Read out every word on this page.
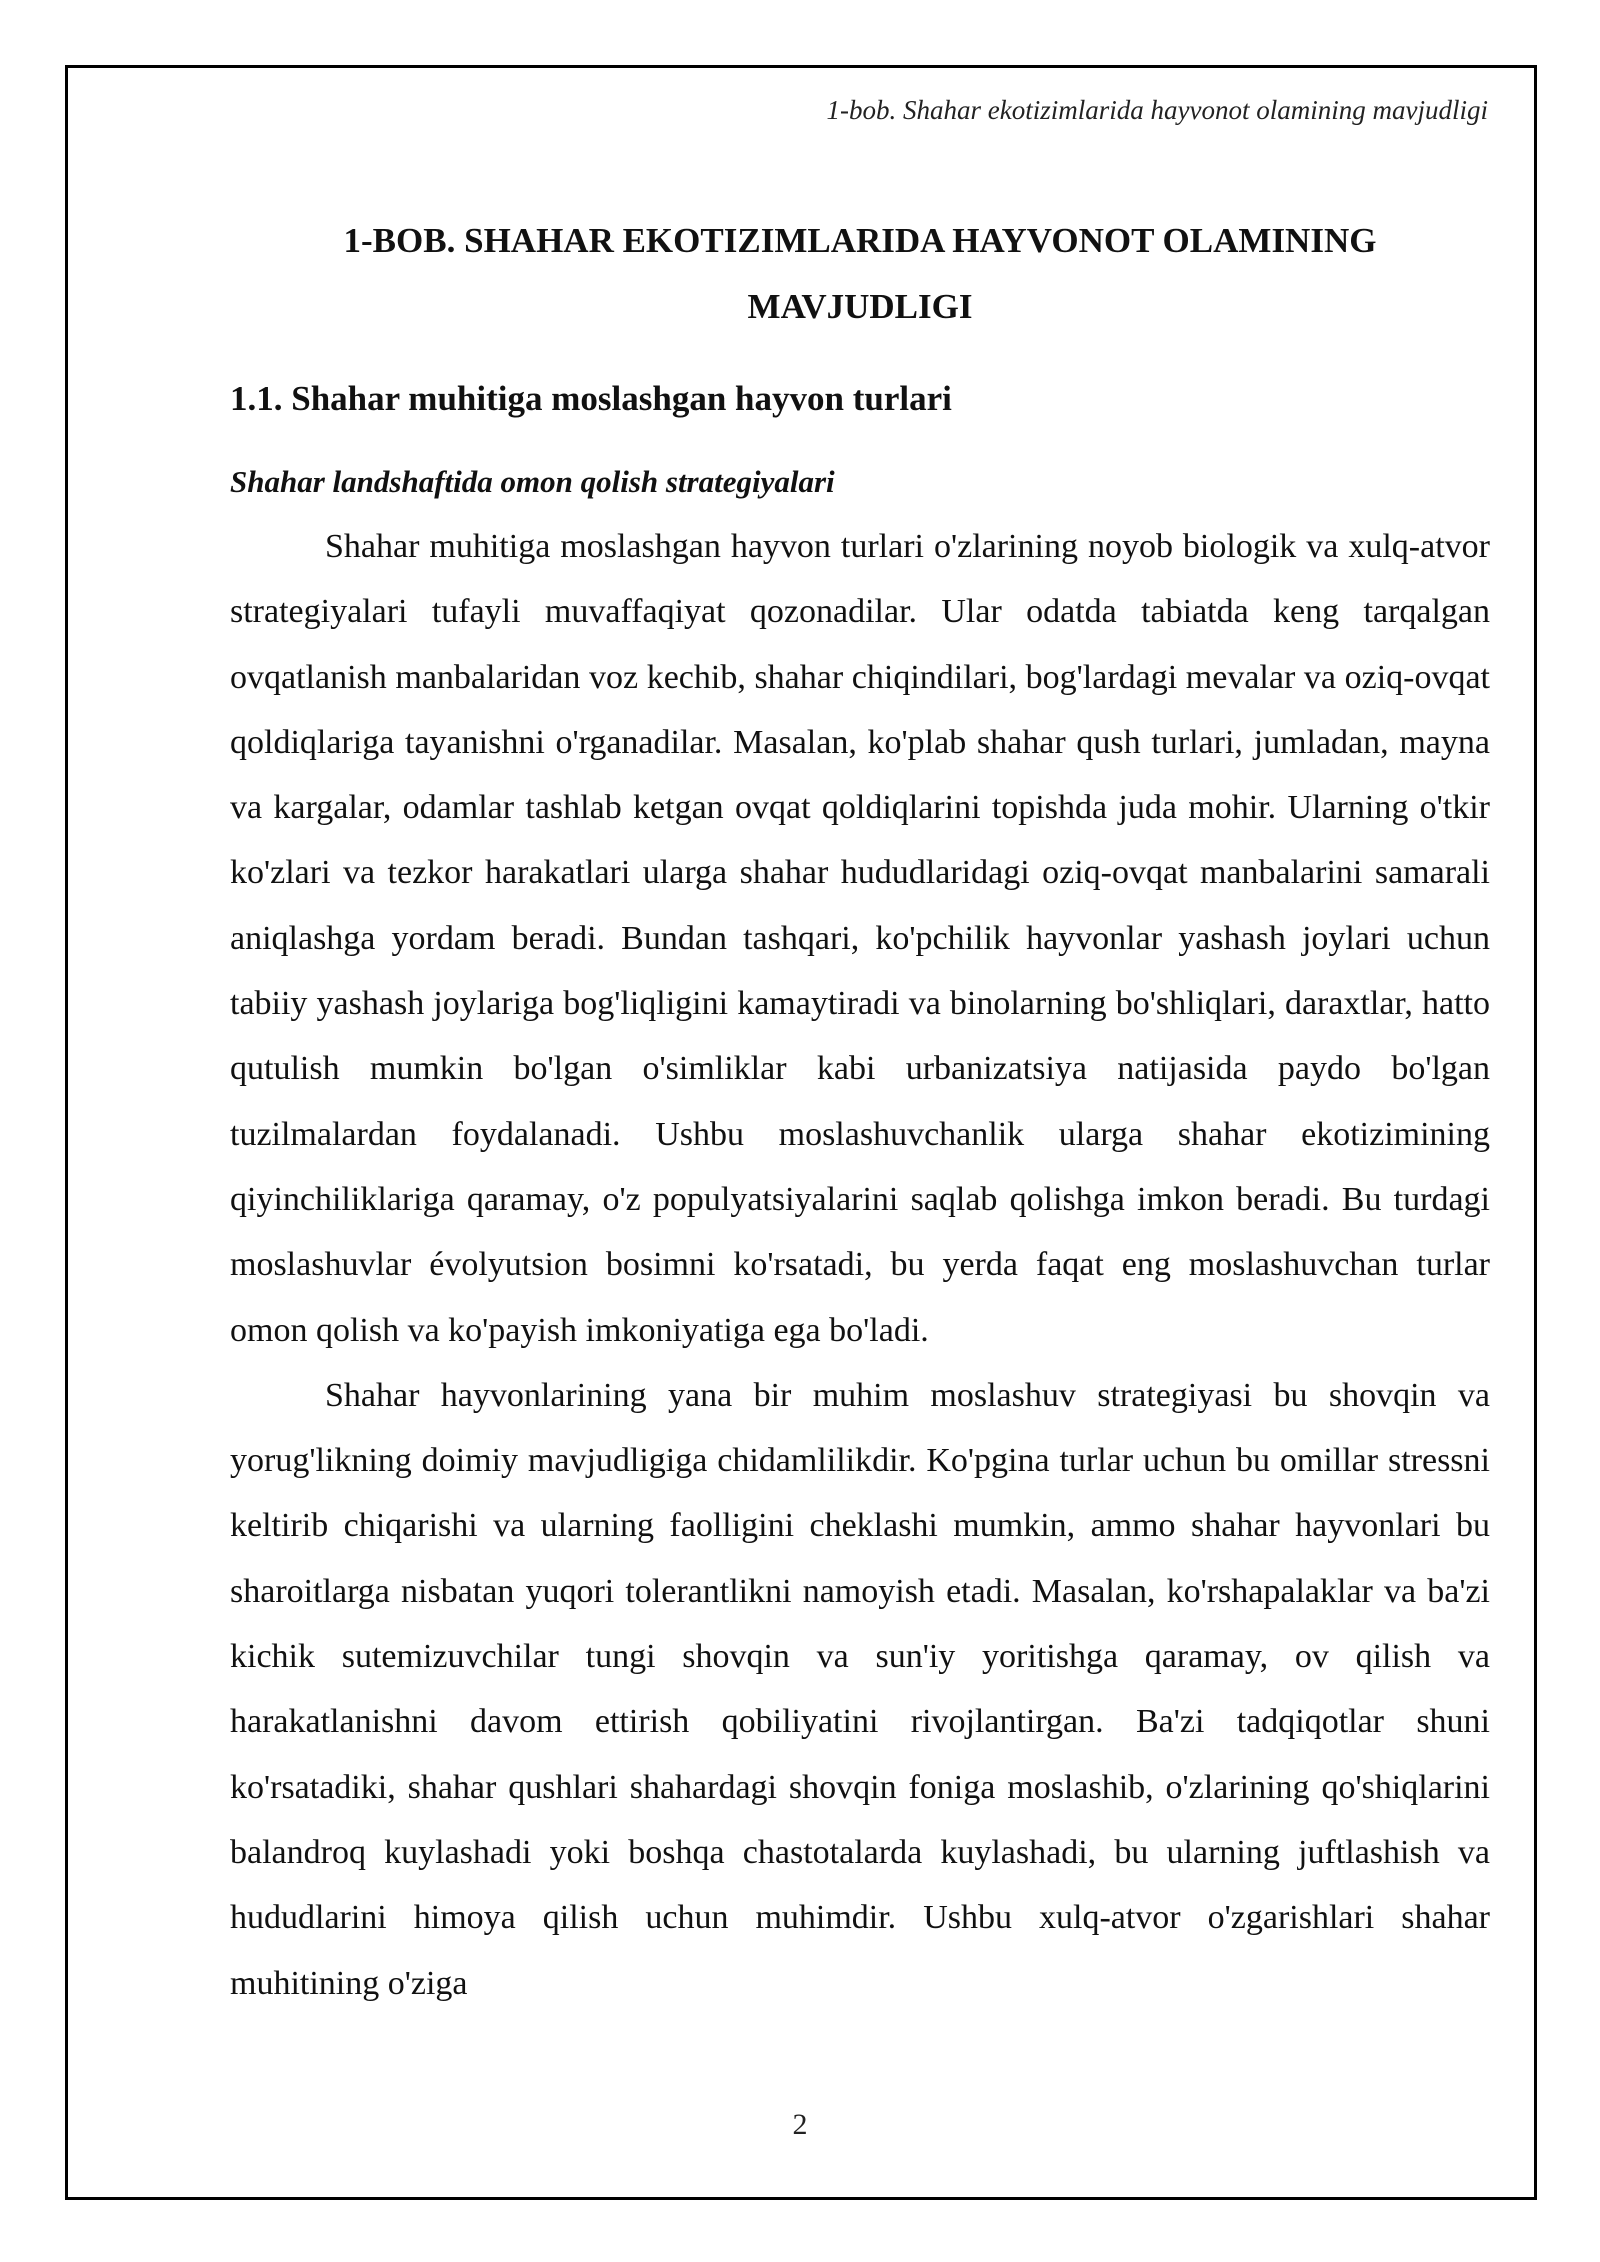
1-bob. Shahar ekotizimlarida hayvonot olamining mavjudligi
1-BOB. SHAHAR EKOTIZIMLARIDA HAYVONOT OLAMINING
MAVJUDLIGI
1.1. Shahar muhitiga moslashgan hayvon turlari
Shahar landshaftida omon qolish strategiyalari

Shahar muhitiga moslashgan hayvon turlari o'zlarining noyob biologik va xulq-atvor strategiyalari tufayli muvaffaqiyat qozonadilar. Ular odatda tabiatda keng tarqalgan ovqatlanish manbalaridan voz kechib, shahar chiqindilari, bog'lardagi mevalar va oziq-ovqat qoldiqlariga tayanishni o'rganadilar. Masalan, ko'plab shahar qush turlari, jumladan, mayna va kargalar, odamlar tashlab ketgan ovqat qoldiqlarini topishda juda mohir. Ularning o'tkir ko'zlari va tezkor harakatlari ularga shahar hududlaridagi oziq-ovqat manbalarini samarali aniqlashga yordam beradi. Bundan tashqari, ko'pchilik hayvonlar yashash joylari uchun tabiiy yashash joylariga bog'liqligini kamaytiradi va binolarning bo'shliqlari, daraxtlar, hatto qutulish mumkin bo'lgan o'simliklar kabi urbanizatsiya natijasida paydo bo'lgan tuzilmalardan foydalanadi. Ushbu moslashuvchanlik ularga shahar ekotizimining qiyinchiliklariga qaramay, o'z populyatsiyalarini saqlab qolishga imkon beradi. Bu turdagi moslashuvlar évolyutsion bosimni ko'rsatadi, bu yerda faqat eng moslashuvchan turlar omon qolish va ko'payish imkoniyatiga ega bo'ladi.

Shahar hayvonlarining yana bir muhim moslashuv strategiyasi bu shovqin va yorug'likning doimiy mavjudligiga chidamlilikdir. Ko'pgina turlar uchun bu omillar stressni keltirib chiqarishi va ularning faolligini cheklashi mumkin, ammo shahar hayvonlari bu sharoitlarga nisbatan yuqori tolerantlikni namoyish etadi. Masalan, ko'rshapalaklar va ba'zi kichik sutemizuvchilar tungi shovqin va sun'iy yoritishga qaramay, ov qilish va harakatlanishni davom ettirish qobiliyatini rivojlantirgan. Ba'zi tadqiqotlar shuni ko'rsatadiki, shahar qushlari shahardagi shovqin foniga moslashib, o'zlarining qo'shiqlarini balandroq kuylashadi yoki boshqa chastotalarda kuylashadi, bu ularning juftlashish va hududlarini himoya qilish uchun muhimdir. Ushbu xulq-atvor o'zgarishlari shahar muhitining o'ziga

2
